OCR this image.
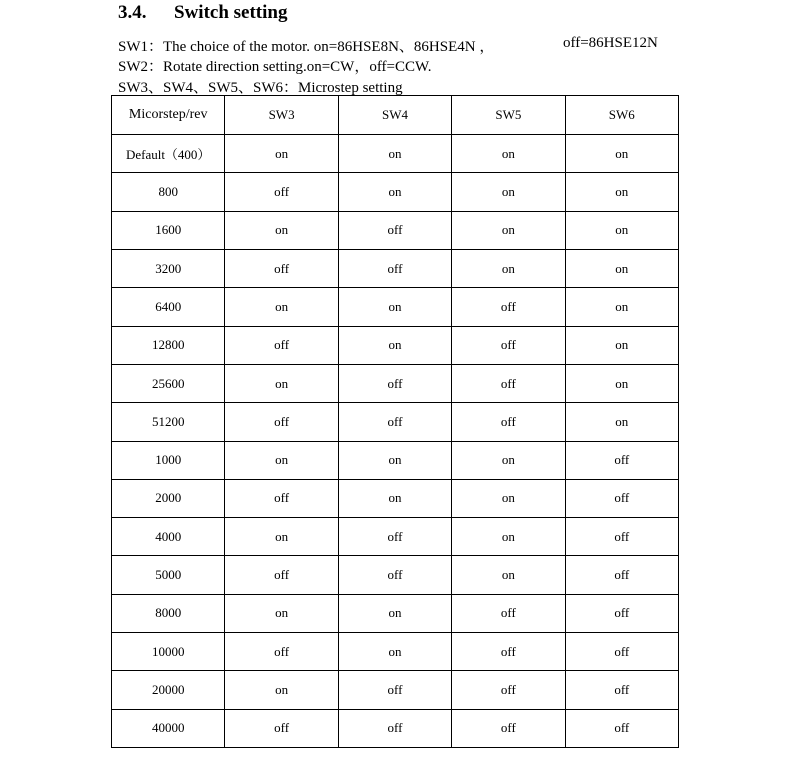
3.4. Switch setting
SW1：The choice of the motor. on=86HSE8N、86HSE4N ，	off=86HSE12N
SW2：Rotate direction setting.on=CW，off=CCW.
SW3、SW4、SW5、SW6：Microstep setting
Micorstep/rev	SW3	SW4	SW5	SW6
Default（400）	on	on	on	on
800	off	on	on	on
1600	on	off	on	on
3200	off	off	on	on
6400	on	on	off	on
12800	off	on	off	on
25600	on	off	off	on
51200	off	off	off	on
1000	on	on	on	off
2000	off	on	on	off
4000	on	off	on	off
5000	off	off	on	off
8000	on	on	off	off
10000	off	on	off	off
20000	on	off	off	off
40000	off	off	off	off
